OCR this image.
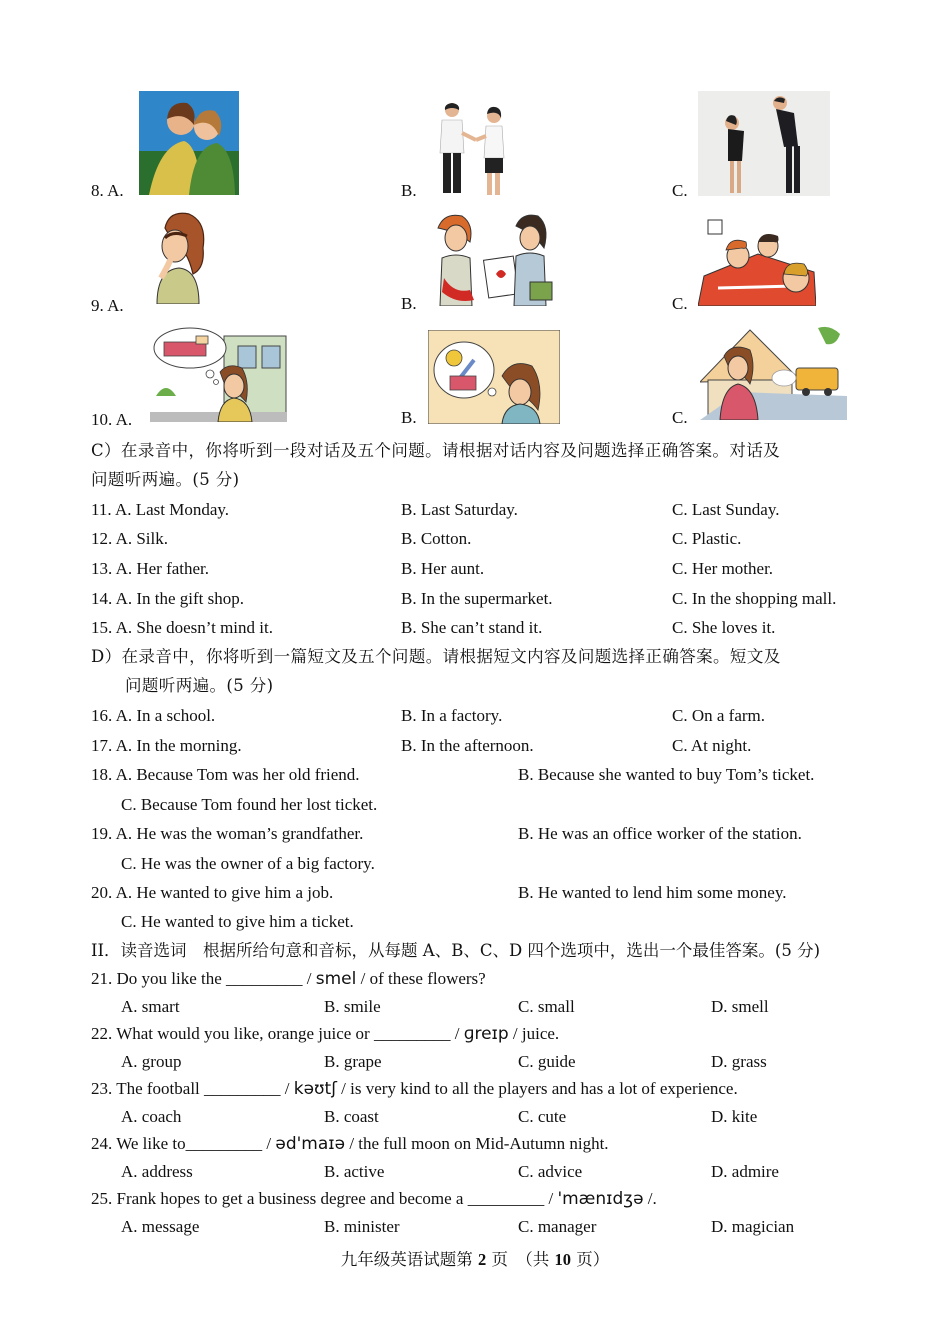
8. A.	B.	C.
9. A.	B.	C.
10. A.	B.	C.
C）在录音中，你将听到一段对话及五个问题。请根据对话内容及问题选择正确答案。对话及
问题听两遍。(5 分)
11. A. Last Monday.	B. Last Saturday.	C. Last Sunday.
12. A. Silk.	B. Cotton.	C. Plastic.
13. A. Her father.	B. Her aunt.	C. Her mother.
14. A. In the gift shop.	B. In the supermarket.	C. In the shopping mall.
15. A. She doesn’t mind it.	B. She can’t stand it.	C. She loves it.
D）在录音中，你将听到一篇短文及五个问题。请根据短文内容及问题选择正确答案。短文及
问题听两遍。(5 分)
16. A. In a school.	B. In a factory.	C. On a farm.
17. A. In the morning.	B. In the afternoon.	C. At night.
18. A. Because Tom was her old friend.	B. Because she wanted to buy Tom’s ticket.
C. Because Tom found her lost ticket.
19. A. He was the woman’s grandfather.	B. He was an office worker of the station.
C. He was the owner of a big factory.
20. A. He wanted to give him a job.	B. He wanted to lend him some money.
C. He wanted to give him a ticket.
II．读音选词　根据所给句意和音标，从每题 A、B、C、D 四个选项中，选出一个最佳答案。(5 分)
21. Do you like the _________ / smel / of these flowers?
A. smart	B. smile	C. small	D. smell
22. What would you like, orange juice or _________ / ɡreɪp / juice.
A. group	B. grape	C. guide	D. grass
23. The football _________ / kəʊtʃ / is very kind to all the players and has a lot of experience.
A. coach	B. coast	C. cute	D. kite
24. We like to_________ / əd'maɪə / the full moon on Mid-Autumn night.
A. address	B. active	C. advice	D. admire
25. Frank hopes to get a business degree and become a _________ / 'mænɪdʒə /.
A. message	B. minister	C. manager	D. magician
九年级英语试题第 2 页　（共 10 页）
